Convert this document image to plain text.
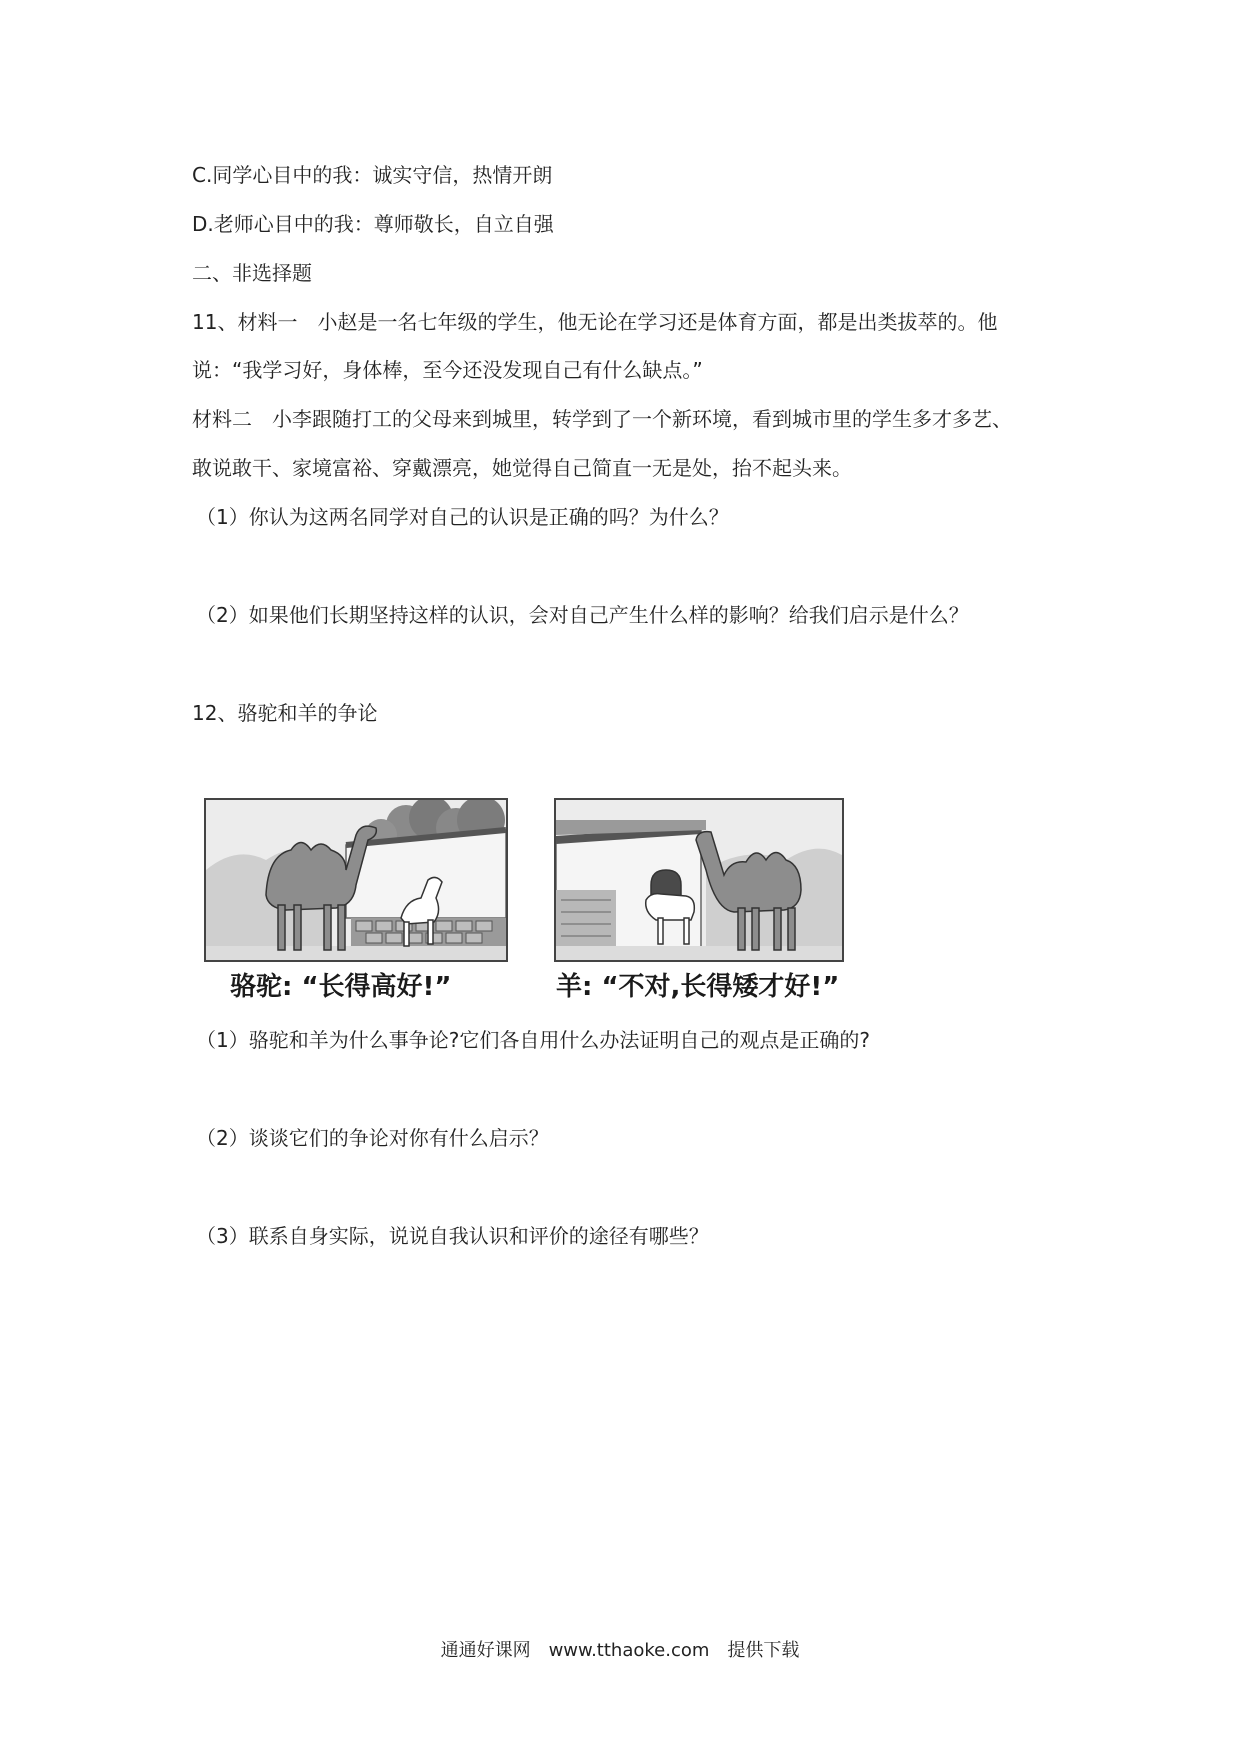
C.同学心目中的我：诚实守信，热情开朗
D.老师心目中的我：尊师敬长，自立自强
二、非选择题
11、材料一　小赵是一名七年级的学生，他无论在学习还是体育方面，都是出类拔萃的。他
说：“我学习好，身体棒，至今还没发现自己有什么缺点。”
材料二　小李跟随打工的父母来到城里，转学到了一个新环境，看到城市里的学生多才多艺、
敢说敢干、家境富裕、穿戴漂亮，她觉得自己简直一无是处，抬不起头来。
（1）你认为这两名同学对自己的认识是正确的吗？为什么？
（2）如果他们长期坚持这样的认识，会对自己产生什么样的影响？给我们启示是什么？
12、骆驼和羊的争论
骆驼: “长得高好!”	羊: “不对,长得矮才好!”
（1）骆驼和羊为什么事争论?它们各自用什么办法证明自己的观点是正确的?
（2）谈谈它们的争论对你有什么启示？
（3）联系自身实际，说说自我认识和评价的途径有哪些？
通通好课网　www.tthaoke.com　提供下载
